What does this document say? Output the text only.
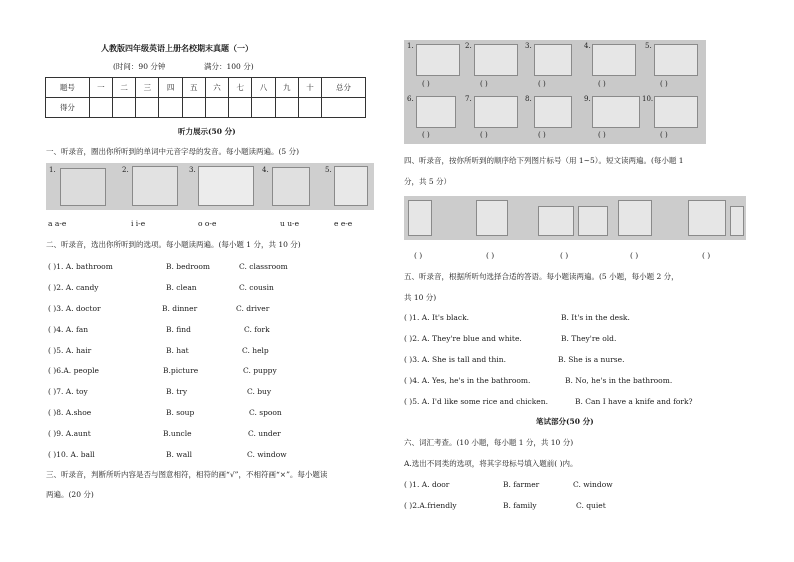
人教版四年级英语上册名校期末真题（一）
(时间：90 分钟	满分：100 分)
题号	一	二	三	四	五	六	七	八	九	十	总分
得分											
听力展示(50 分)
一、听录音，圈出你所听到的单词中元音字母的发音。每小题读两遍。(5 分)
1.	2.	3.	4.	5.
a a-e	i i-e	o o-e	u u-e	e e-e
二、听录音，选出你所听到的选项。每小题读两遍。(每小题 1 分，共 10 分)
( )1. A. bathroom	B. bedroom	C. classroom
( )2. A. candy	B. clean	C. cousin
( )3. A. doctor	B. dinner	C. driver
( )4. A. fan	B. find	C. fork
( )5. A. hair	B. hat	C. help
( )6.A. people	B.picture	C. puppy
( )7. A. toy	B. try	C. buy
( )8. A.shoe	B. soup	C. spoon
( )9. A.aunt	B.uncle	C. under
( )10. A. ball	B. wall	C. window
三、听录音，判断所听内容是否与图意相符，相符的画“√”，不相符画“×”。每小题读
两遍。(20 分)
1.	2.	3.	4.	5.
( )	( )	( )	( )	( )
6.	7.	8.	9.	10.
( )	( )	( )	( )	( )
四、听录音，按你所听到的顺序给下列图片标号（用 1~5）。短文读两遍。(每小题 1
分，共 5 分）
( )	( )	( )	( )	( )
五、听录音，根据所听句选择合适的答语。每小题读两遍。(5 小题，每小题 2 分，
共 10 分)
( )1. A. It's black.	B. It's in the desk.
( )2. A. They're blue and white.	B. They're old.
( )3. A. She is tall and thin.	B. She is a nurse.
( )4. A. Yes, he's in the bathroom.	B. No, he's in the bathroom.
( )5. A. I'd like some rice and chicken.	B. Can I have a knife and fork?
笔试部分(50 分)
六、词汇考查。(10 小题，每小题 1 分，共 10 分)
A.选出不同类的选项，将其字母标号填入题前( )内。
( )1. A. door	B. farmer	C. window
( )2.A.friendly	B. family	C. quiet
